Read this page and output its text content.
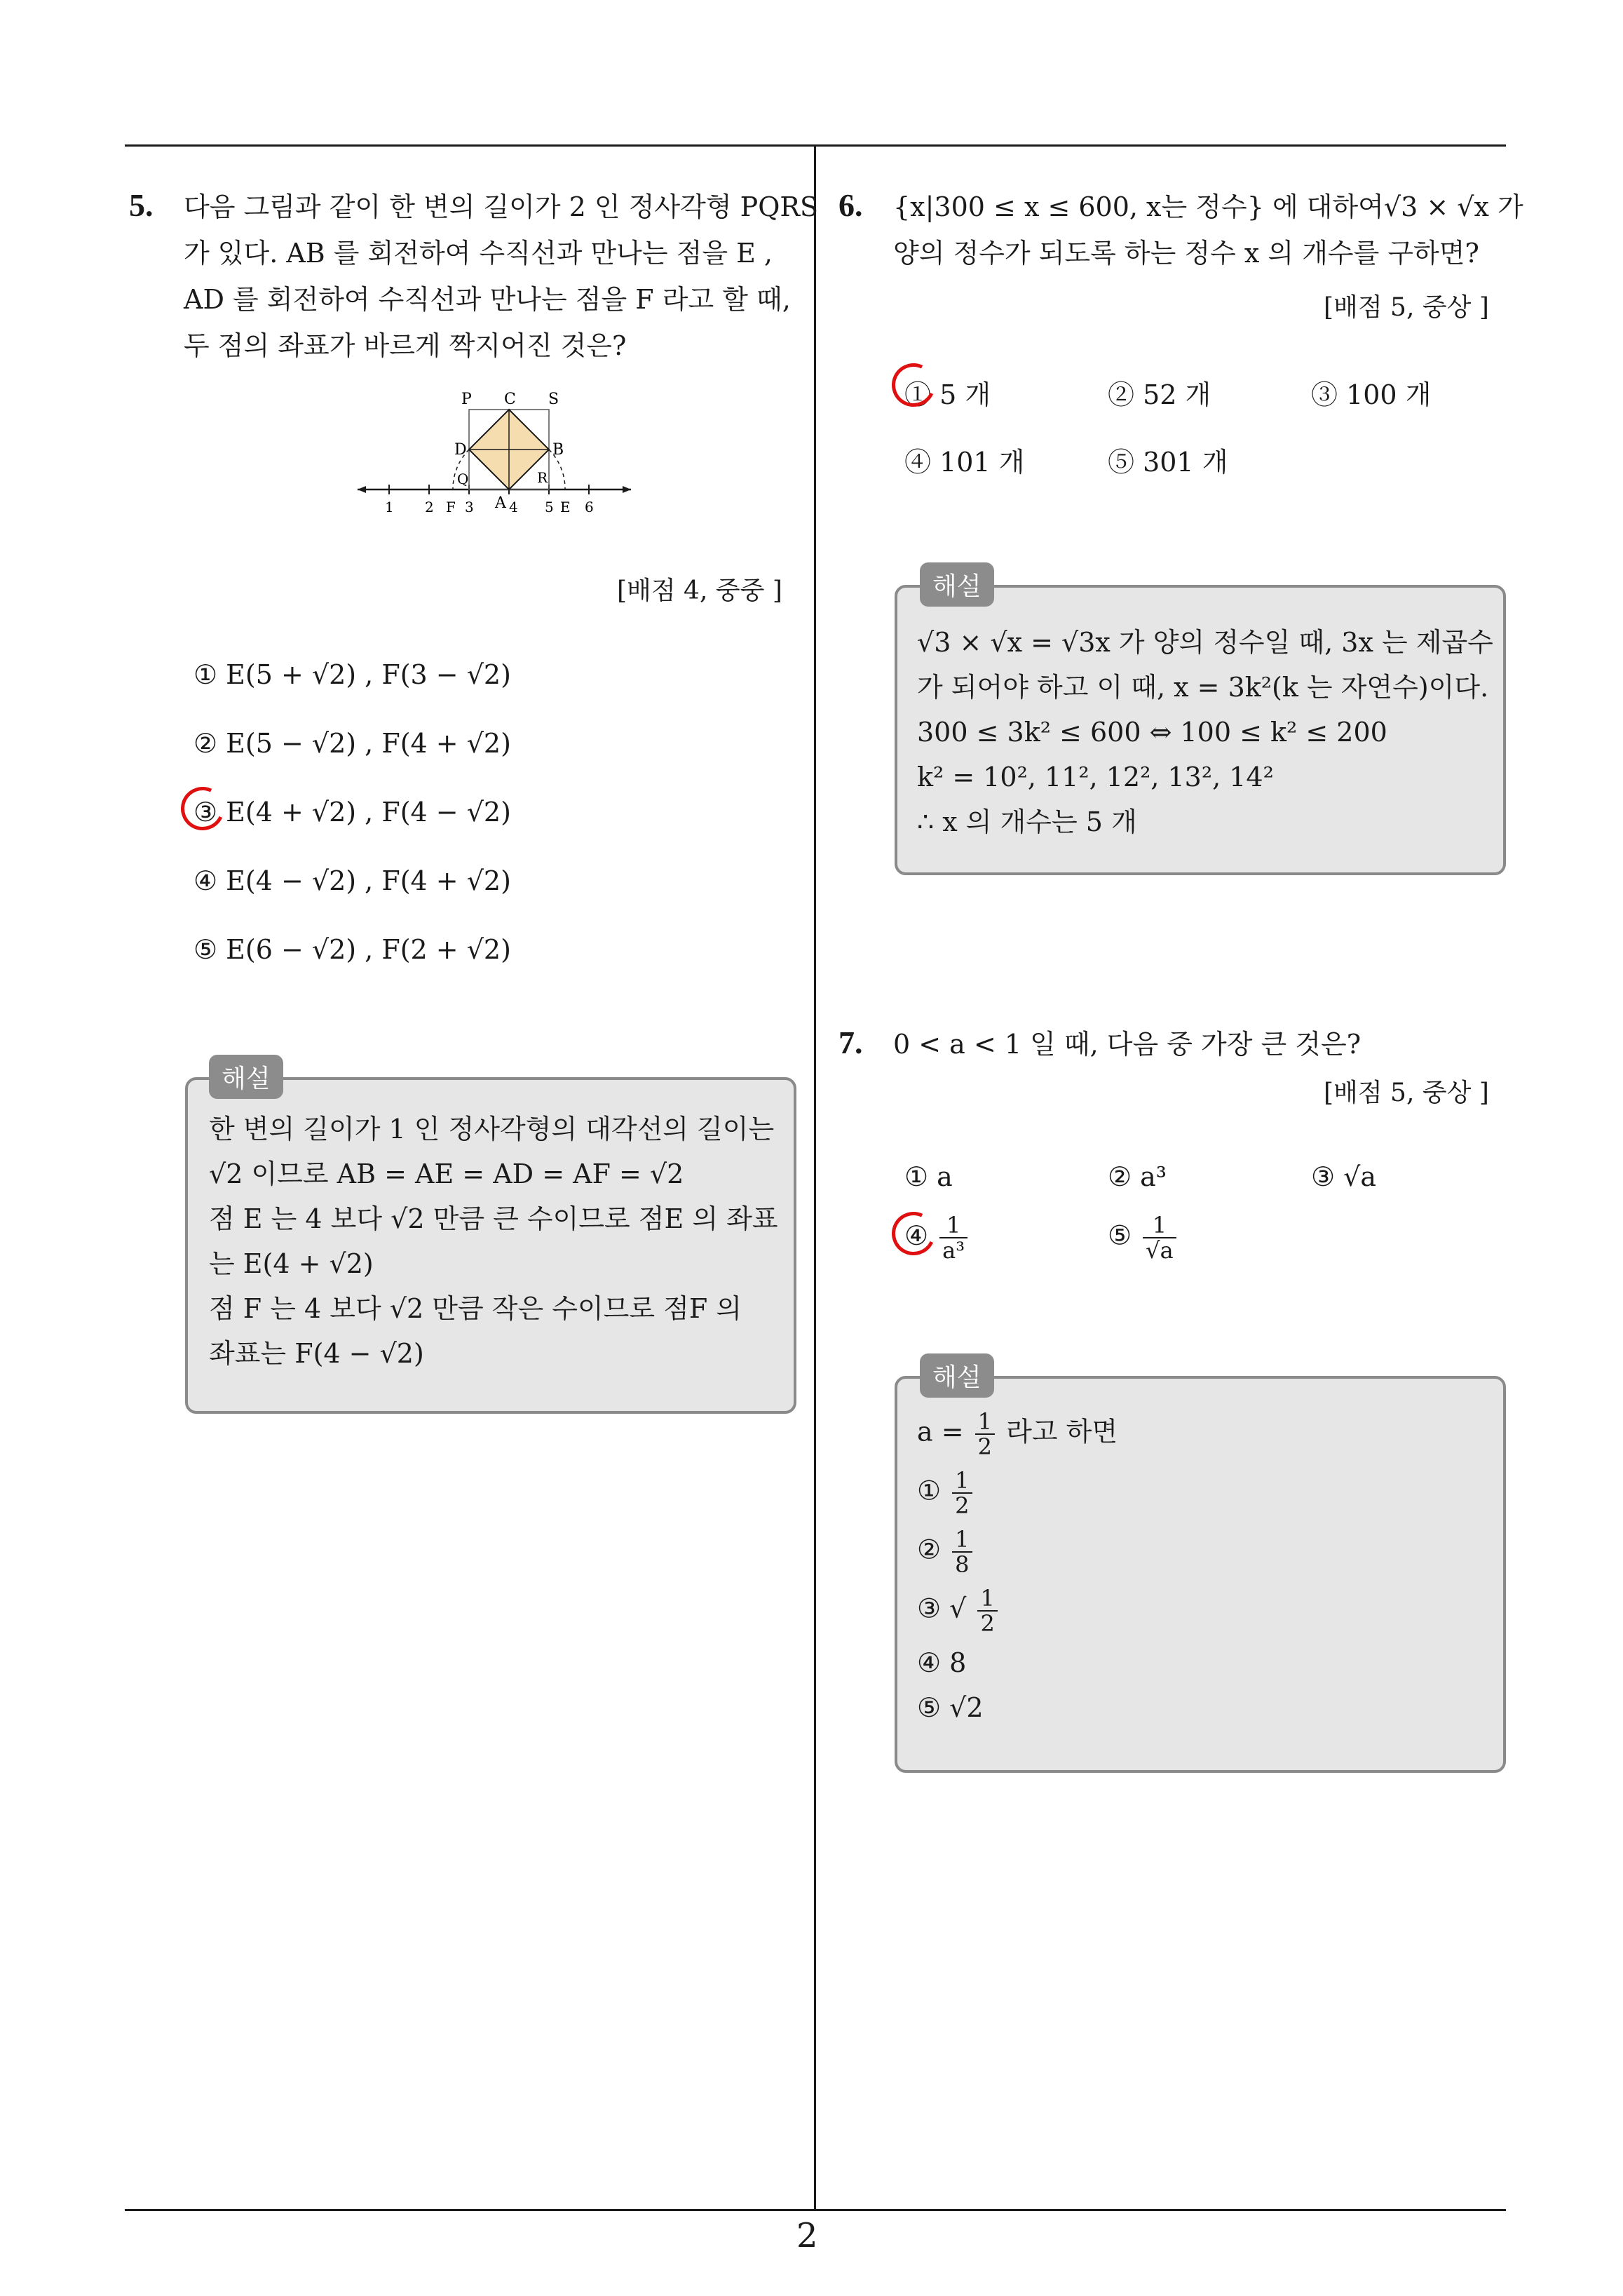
5. 다음 그림과 같이 한 변의 길이가 2 인 정사각형 PQRS
가 있다. AB 를 회전하여 수직선과 만나는 점을 E ,
AD 를 회전하여 수직선과 만나는 점을 F 라고 할 때,
두 점의 좌표가 바르게 짝지어진 것은?
P C S
D	B
Q	R
A
1 2 F 3	4 5 E 6
[배점 4, 중중 ]
① E(5 + √2) , F(3 − √2)
② E(5 − √2) , F(4 + √2)
③ E(4 + √2) , F(4 − √2)
④ E(4 − √2) , F(4 + √2)
⑤ E(6 − √2) , F(2 + √2)
해설
한 변의 길이가 1 인 정사각형의 대각선의 길이는
√2 이므로 AB = AE = AD = AF = √2
점 E 는 4 보다 √2 만큼 큰 수이므로 점E 의 좌표
는 E(4 + √2)
점 F 는 4 보다 √2 만큼 작은 수이므로 점F 의
좌표는 F(4 − √2)
6. {x|300 ≤ x ≤ 600, x는 정수} 에 대하여√3 × √x 가
양의 정수가 되도록 하는 정수 x 의 개수를 구하면?
[배점 5, 중상 ]
① 5 개	② 52 개	③ 100 개
④ 101 개	⑤ 301 개
해설
√3 × √x = √3x 가 양의 정수일 때, 3x 는 제곱수
가 되어야 하고 이 때, x = 3k²(k 는 자연수)이다.
300 ≤ 3k² ≤ 600 ⇔ 100 ≤ k² ≤ 200
k² = 10², 11², 12², 13², 14²
∴ x 의 개수는 5 개
7. 0 < a < 1 일 때, 다음 중 가장 큰 것은?
[배점 5, 중상 ]
① a	② a³	③ √a
④ $\frac{1}{\text{a³}}$	⑤ $\frac{1}{√a}$
해설
$a = \frac{1}{2}$ 라고 하면
① $\frac{1}{2}$
② $\frac{1}{8}$
③ √ $\frac{1}{2}$
④ 8
⑤ √2
2
